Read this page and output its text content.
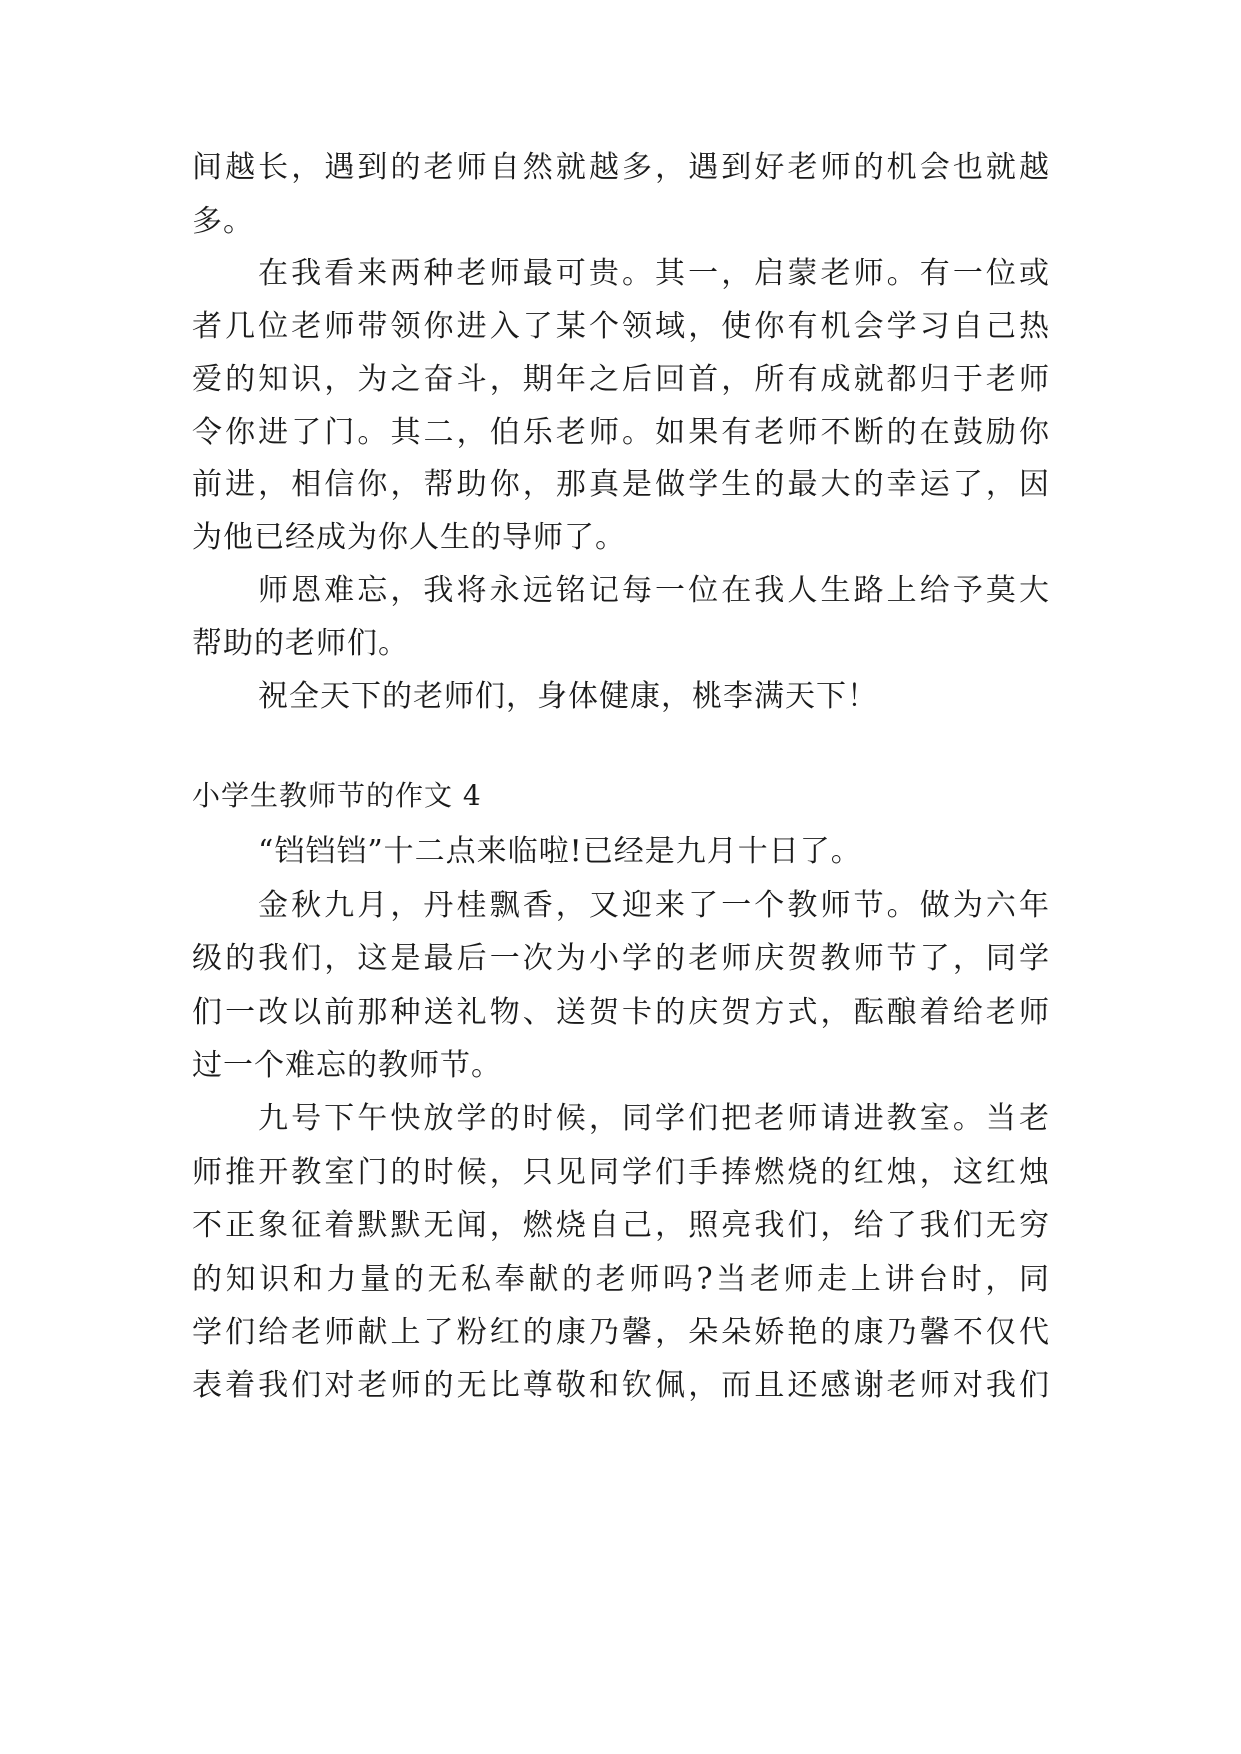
间越长，遇到的老师自然就越多，遇到好老师的机会也就越
多。
在我看来两种老师最可贵。其一，启蒙老师。有一位或
者几位老师带领你进入了某个领域，使你有机会学习自己热
爱的知识，为之奋斗，期年之后回首，所有成就都归于老师
令你进了门。其二，伯乐老师。如果有老师不断的在鼓励你
前进，相信你，帮助你，那真是做学生的最大的幸运了，因
为他已经成为你人生的导师了。
师恩难忘，我将永远铭记每一位在我人生路上给予莫大
帮助的老师们。
祝全天下的老师们，身体健康，桃李满天下！
小学生教师节的作文 4
“铛铛铛”十二点来临啦!已经是九月十日了。
金秋九月，丹桂飘香，又迎来了一个教师节。做为六年
级的我们，这是最后一次为小学的老师庆贺教师节了，同学
们一改以前那种送礼物、送贺卡的庆贺方式，酝酿着给老师
过一个难忘的教师节。
九号下午快放学的时候，同学们把老师请进教室。当老
师推开教室门的时候，只见同学们手捧燃烧的红烛，这红烛
不正象征着默默无闻，燃烧自己，照亮我们，给了我们无穷
的知识和力量的无私奉献的老师吗?当老师走上讲台时，同
学们给老师献上了粉红的康乃馨，朵朵娇艳的康乃馨不仅代
表着我们对老师的无比尊敬和钦佩，而且还感谢老师对我们
